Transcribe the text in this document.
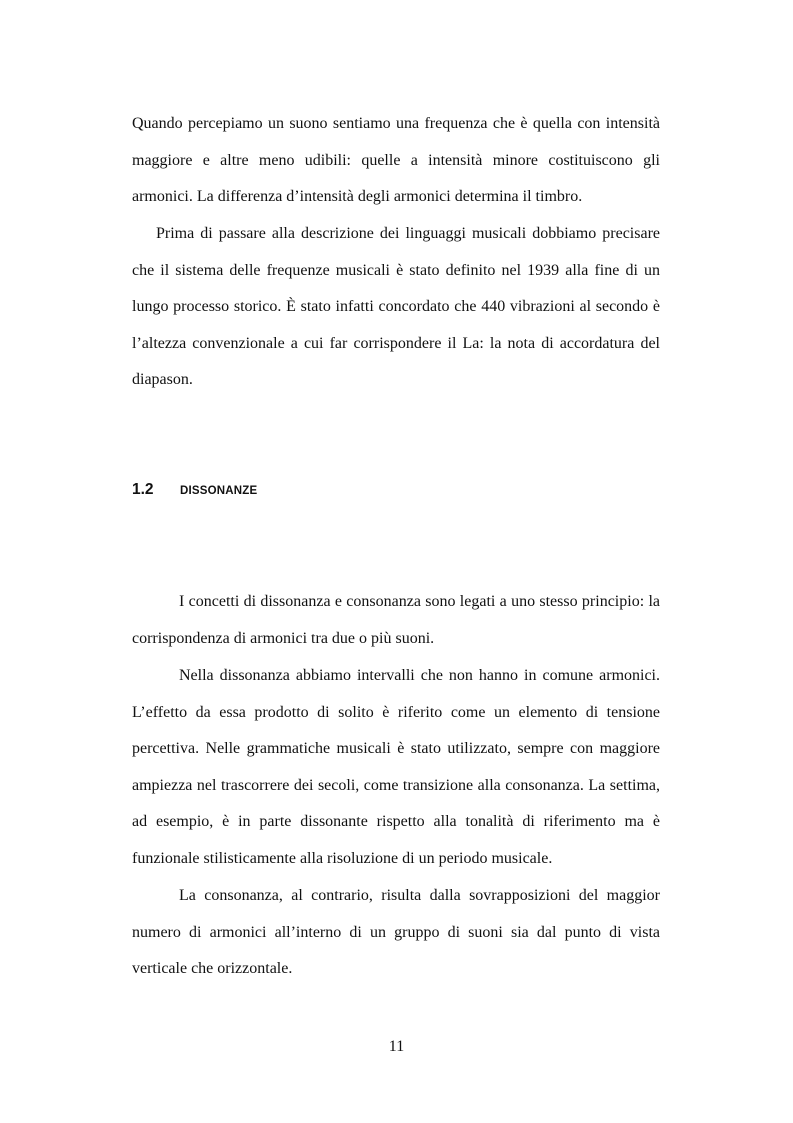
Quando percepiamo un suono sentiamo una frequenza che è quella con intensità maggiore e altre meno udibili: quelle a intensità minore costituiscono gli armonici. La differenza d’intensità degli armonici determina il timbro.

Prima di passare alla descrizione dei linguaggi musicali dobbiamo precisare che il sistema delle frequenze musicali è stato definito nel 1939 alla fine di un lungo processo storico. È stato infatti concordato che 440 vibrazioni al secondo è l’altezza convenzionale a cui far corrispondere il La: la nota di accordatura del diapason.

1.2	DISSONANZE

I concetti di dissonanza e consonanza sono legati a uno stesso principio: la corrispondenza di armonici tra due o più suoni.

Nella dissonanza abbiamo intervalli che non hanno in comune armonici. L’effetto da essa prodotto di solito è riferito come un elemento di tensione percettiva. Nelle grammatiche musicali è stato utilizzato, sempre con maggiore ampiezza nel trascorrere dei secoli, come transizione alla consonanza. La settima, ad esempio, è in parte dissonante rispetto alla tonalità di riferimento ma è funzionale stilisticamente alla risoluzione di un periodo musicale.

La consonanza, al contrario, risulta dalla sovrapposizioni del maggior numero di armonici all’interno di un gruppo di suoni sia dal punto di vista verticale che orizzontale.

11
